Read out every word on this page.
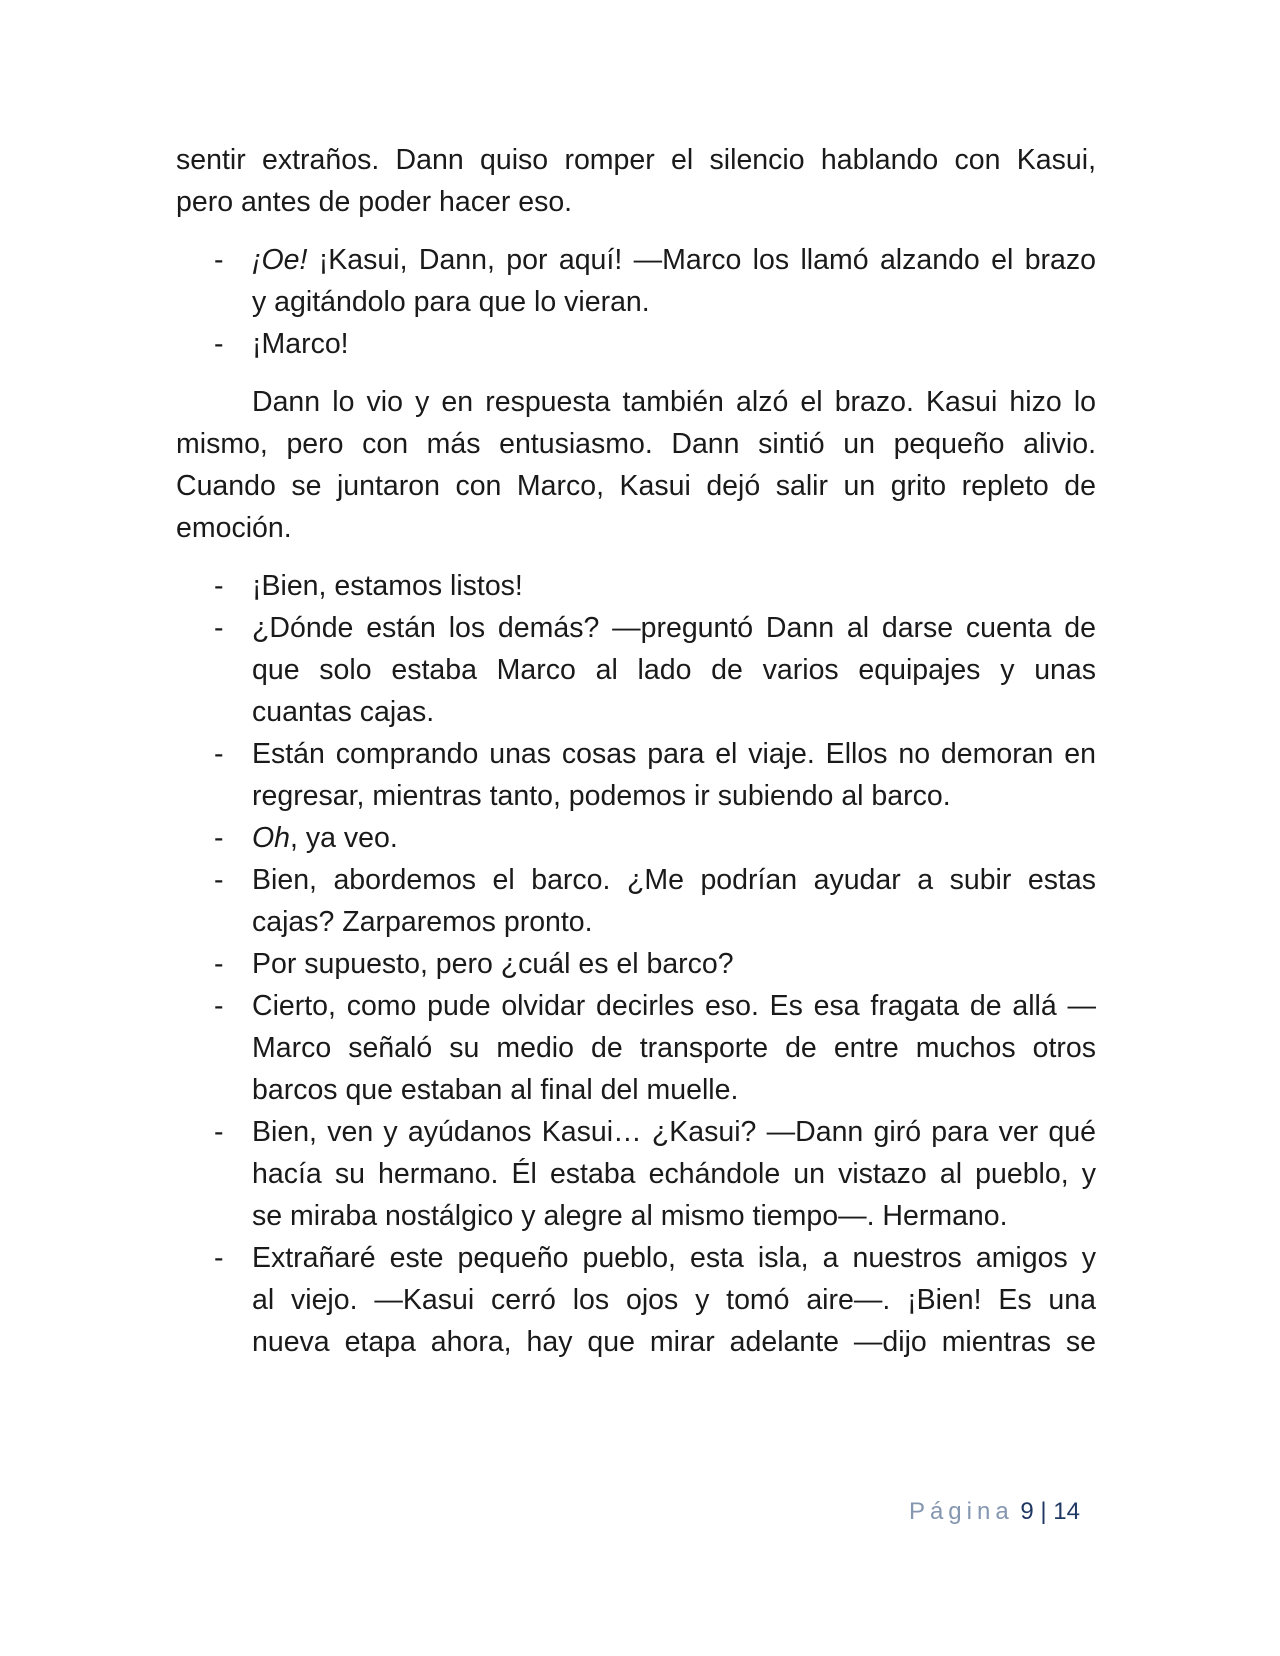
sentir extraños. Dann quiso romper el silencio hablando con Kasui,
pero antes de poder hacer eso.
-	¡Oe! ¡Kasui, Dann, por aquí! —Marco los llamó alzando el brazo
y agitándolo para que lo vieran.
-	¡Marco!
Dann lo vio y en respuesta también alzó el brazo. Kasui hizo lo
mismo, pero con más entusiasmo. Dann sintió un pequeño alivio.
Cuando se juntaron con Marco, Kasui dejó salir un grito repleto de
emoción.
-	¡Bien, estamos listos!
-	¿Dónde están los demás? —preguntó Dann al darse cuenta de
que solo estaba Marco al lado de varios equipajes y unas
cuantas cajas.
-	Están comprando unas cosas para el viaje. Ellos no demoran en
regresar, mientras tanto, podemos ir subiendo al barco.
-	Oh, ya veo.
-	Bien, abordemos el barco. ¿Me podrían ayudar a subir estas
cajas? Zarparemos pronto.
-	Por supuesto, pero ¿cuál es el barco?
-	Cierto, como pude olvidar decirles eso. Es esa fragata de allá —
Marco señaló su medio de transporte de entre muchos otros
barcos que estaban al final del muelle.
-	Bien, ven y ayúdanos Kasui… ¿Kasui? —Dann giró para ver qué
hacía su hermano. Él estaba echándole un vistazo al pueblo, y
se miraba nostálgico y alegre al mismo tiempo—. Hermano.
-	Extrañaré este pequeño pueblo, esta isla, a nuestros amigos y
al viejo. —Kasui cerró los ojos y tomó aire—. ¡Bien! Es una
nueva etapa ahora, hay que mirar adelante —dijo mientras se
Página 9 | 14
